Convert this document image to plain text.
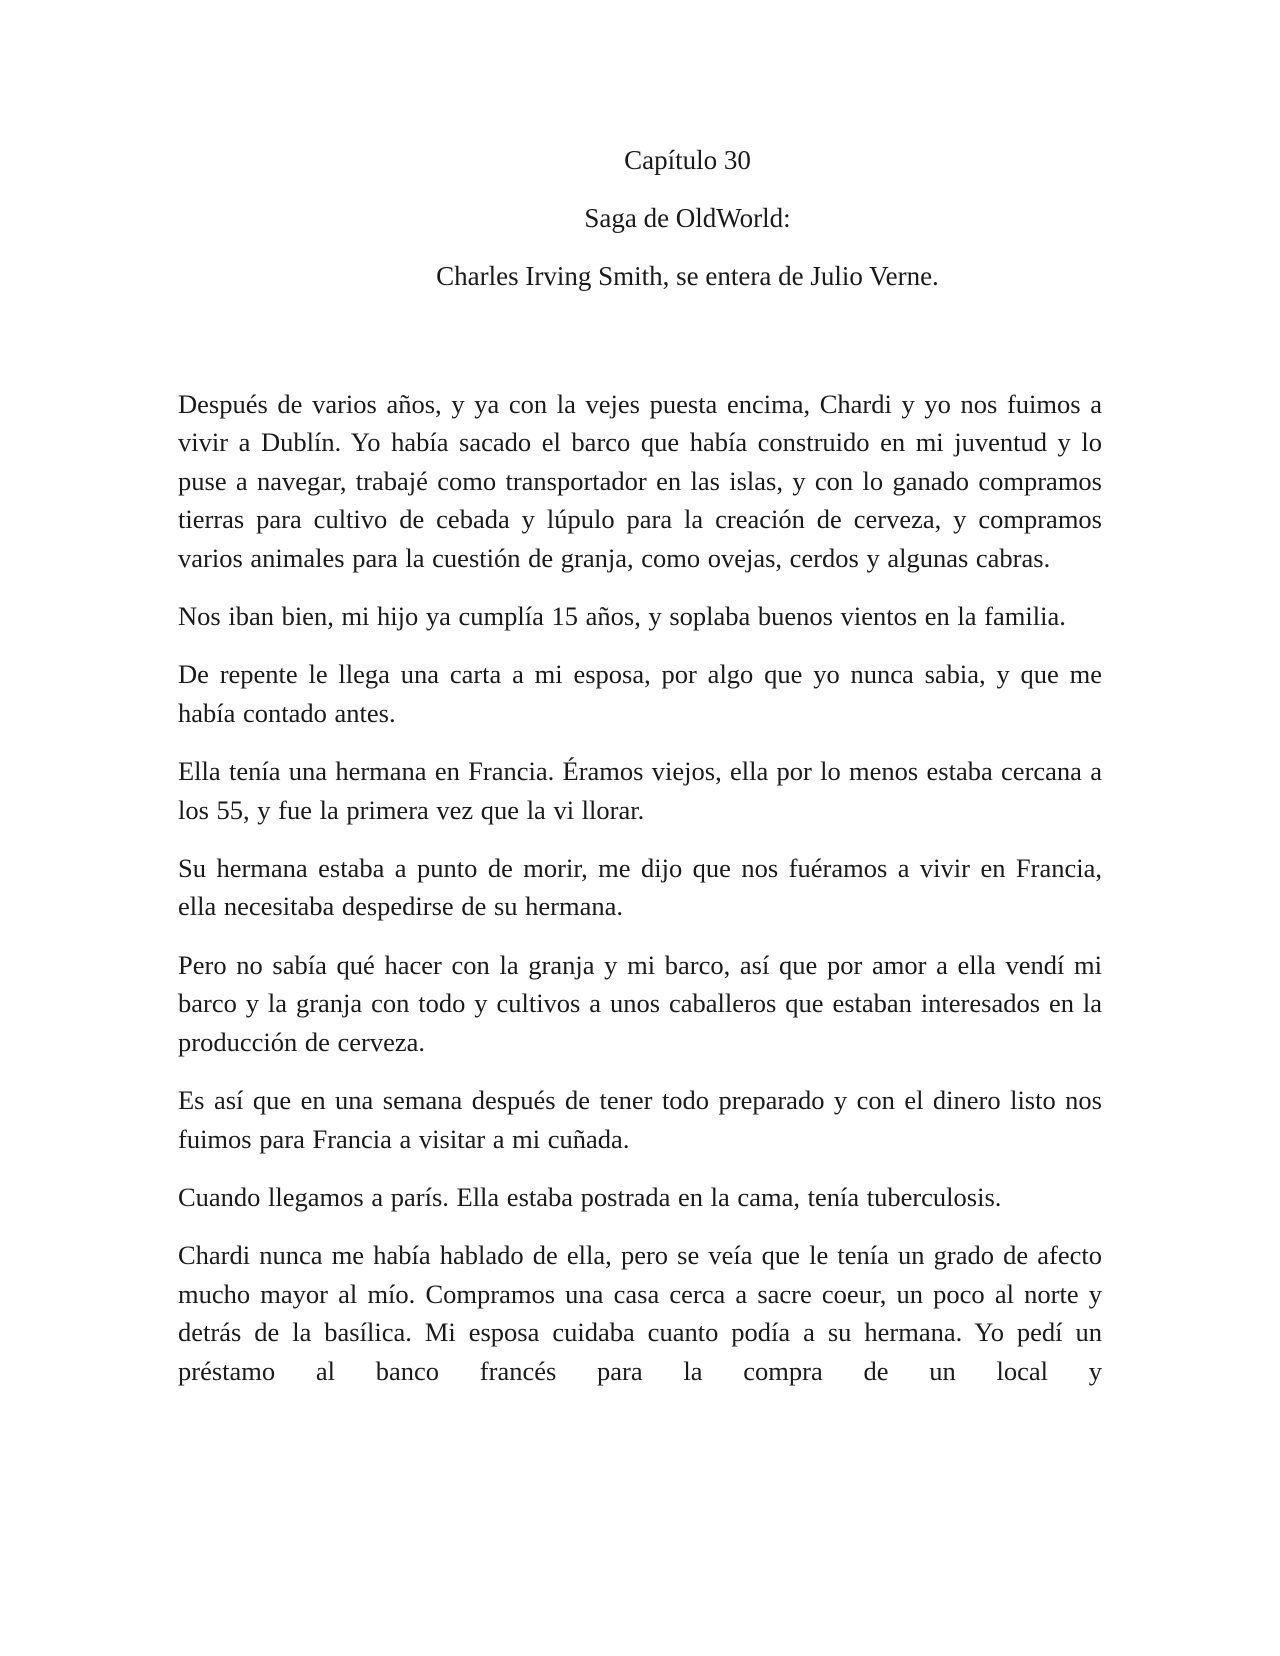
Capítulo 30

Saga de OldWorld:

Charles Irving Smith, se entera de Julio Verne.

Después de varios años, y ya con la vejes puesta encima, Chardi y yo nos fuimos a vivir a Dublín. Yo había sacado el barco que había construido en mi juventud y lo puse a navegar, trabajé como transportador en las islas, y con lo ganado compramos tierras para cultivo de cebada y lúpulo para la creación de cerveza, y compramos varios animales para la cuestión de granja, como ovejas, cerdos y algunas cabras.

Nos iban bien, mi hijo ya cumplía 15 años, y soplaba buenos vientos en la familia.

De repente le llega una carta a mi esposa, por algo que yo nunca sabia, y que me había contado antes.

Ella tenía una hermana en Francia. Éramos viejos, ella por lo menos estaba cercana a los 55, y fue la primera vez que la vi llorar.

Su hermana estaba a punto de morir, me dijo que nos fuéramos a vivir en Francia, ella necesitaba despedirse de su hermana.

Pero no sabía qué hacer con la granja y mi barco, así que por amor a ella vendí mi barco y la granja con todo y cultivos a unos caballeros que estaban interesados en la producción de cerveza.

Es así que en una semana después de tener todo preparado y con el dinero listo nos fuimos para Francia a visitar a mi cuñada.

Cuando llegamos a parís. Ella estaba postrada en la cama, tenía tuberculosis.

Chardi nunca me había hablado de ella, pero se veía que le tenía un grado de afecto mucho mayor al mío. Compramos una casa cerca a sacre coeur, un poco al norte y detrás de la basílica. Mi esposa cuidaba cuanto podía a su hermana. Yo pedí un préstamo al banco francés para la compra de un local y
